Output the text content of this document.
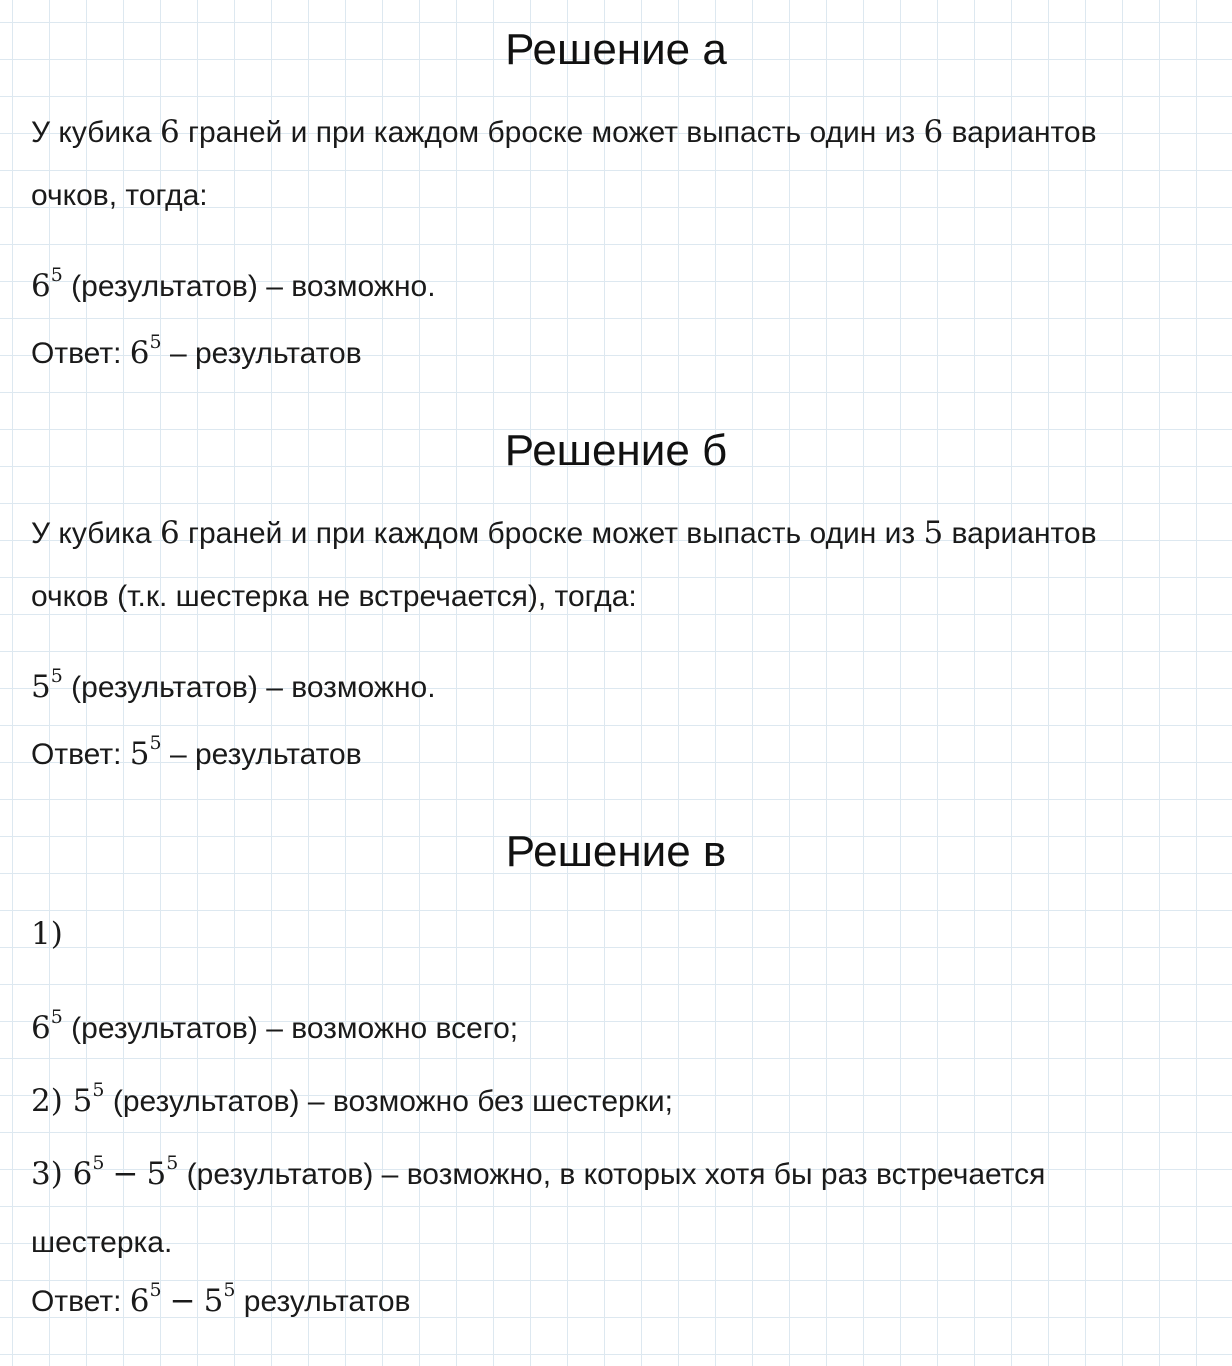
Решение а

У кубика 6 граней и при каждом броске может выпасть один из 6 вариантов

очков, тогда:

$6^5$ (результатов) – возможно.

Ответ: $6^5$ – результатов

Решение б

У кубика 6 граней и при каждом броске может выпасть один из 5 вариантов

очков (т.к. шестерка не встречается), тогда:

$5^5$ (результатов) – возможно.

Ответ: $5^5$ – результатов

Решение в

1)

$6^5$ (результатов) – возможно всего;

2) $5^5$ (результатов) – возможно без шестерки;

3) $6^5 - 5^5$ (результатов) – возможно, в которых хотя бы раз встречается

шестерка.

Ответ: $6^5 - 5^5$ результатов
